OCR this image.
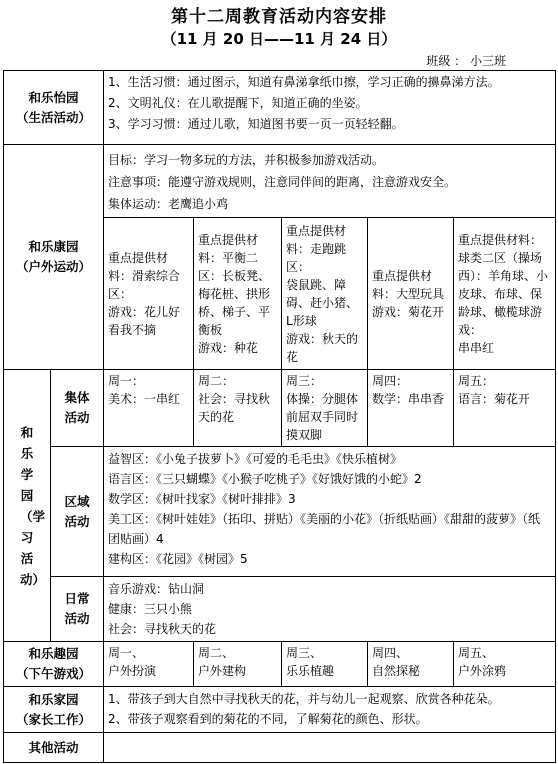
第十二周教育活动内容安排
（11 月 20 日——11 月 24 日）
班级 ： 小三班
和乐怡园
（生活活动）		1、生活习惯：通过图示，知道有鼻涕拿纸巾擦，学习正确的擤鼻涕方法。
2、文明礼仪：在儿歌提醒下，知道正确的坐姿。
3、学习习惯：通过儿歌，知道图书要一页一页轻轻翻。				

和乐康园
（户外运动）		目标：学习一物多玩的方法，并积极参加游戏活动。
注意事项：能遵守游戏规则，注意同伴间的距离，注意游戏安全。
集体运动：老鹰追小鸡				

		重点提供材料：滑索综合区：
游戏：花儿好看我不摘	重点提供材料：平衡二区：长板凳、梅花桩、拱形桥、梯子、平衡板
游戏：种花	重点提供材料：走跑跳区：
袋鼠跳、障碍、赶小猪、L形球
游戏：秋天的花	重点提供材料：大型玩具
游戏：菊花开	重点提供材料：球类二区（操场西）：羊角球、小皮球、布球、保龄球、橄榄球游戏：
串串红

和乐学园（学习活动）	集体
活动	周一：
美术：一串红	周二：
社会：寻找秋天的花	周三：
体操：分腿体前屈双手同时摸双脚	周四：
数学：串串香	周五：
语言：菊花开

	区域
活动	益智区：《小兔子拔萝卜》《可爱的毛毛虫》《快乐植树》
语言区：《三只蝴蝶》《小猴子吃桃子》《好饿好饿的小蛇》2
数学区：《树叶找家》《树叶排排》3
美工区：《树叶娃娃》（拓印、拼贴）《美丽的小花》（折纸贴画）《甜甜的菠萝》（纸团贴画）4
建构区：《花园》《树园》5				

	日常
活动	音乐游戏：钻山洞
健康：三只小熊
社会：寻找秋天的花				

和乐趣园
（下午游戏）		周一、
户外扮演	周二、
户外建构	周三、
乐乐植趣	周四、
自然探秘	周五、
户外涂鸦

和乐家园
（家长工作）		1、带孩子到大自然中寻找秋天的花，并与幼儿一起观察、欣赏各种花朵。
2、带孩子观察看到的菊花的不同，了解菊花的颜色、形状。				

其他活动						
